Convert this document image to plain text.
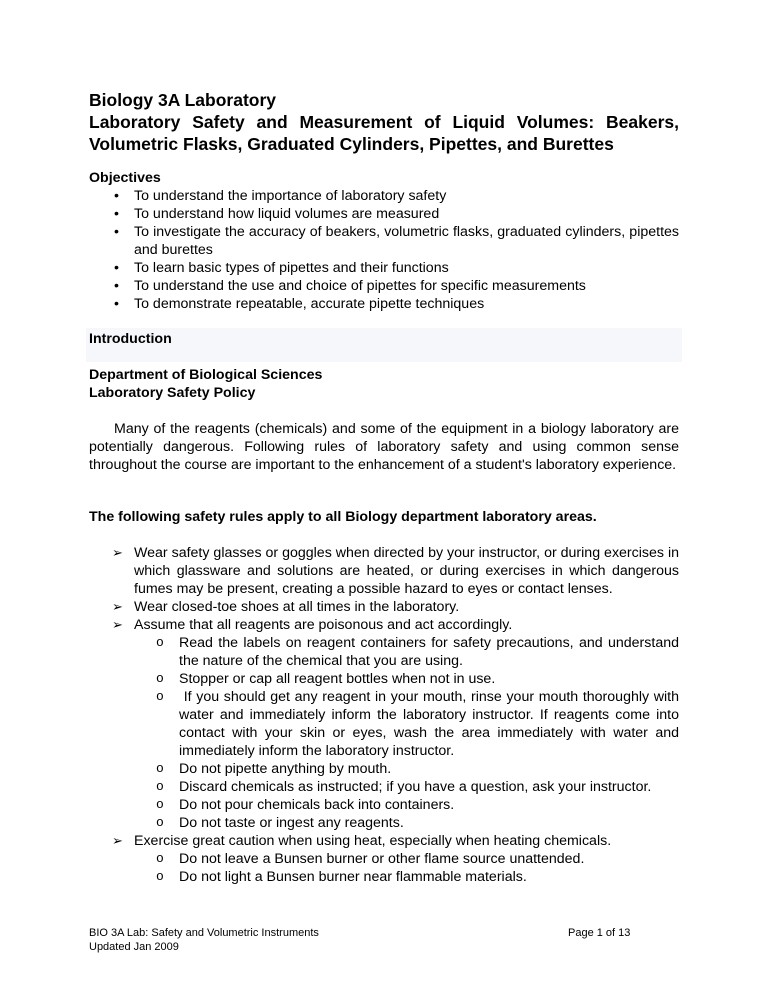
Biology 3A Laboratory
Laboratory Safety and Measurement of Liquid Volumes: Beakers, Volumetric Flasks, Graduated Cylinders, Pipettes, and Burettes
Objectives
• To understand the importance of laboratory safety
• To understand how liquid volumes are measured
• To investigate the accuracy of beakers, volumetric flasks, graduated cylinders, pipettes and burettes
• To learn basic types of pipettes and their functions
• To understand the use and choice of pipettes for specific measurements
• To demonstrate repeatable, accurate pipette techniques
Introduction
Department of Biological Sciences
Laboratory Safety Policy
Many of the reagents (chemicals) and some of the equipment in a biology laboratory are potentially dangerous. Following rules of laboratory safety and using common sense throughout the course are important to the enhancement of a student's laboratory experience.
The following safety rules apply to all Biology department laboratory areas.
➢ Wear safety glasses or goggles when directed by your instructor, or during exercises in which glassware and solutions are heated, or during exercises in which dangerous fumes may be present, creating a possible hazard to eyes or contact lenses.
➢ Wear closed-toe shoes at all times in the laboratory.
➢ Assume that all reagents are poisonous and act accordingly.
o Read the labels on reagent containers for safety precautions, and understand the nature of the chemical that you are using.
o Stopper or cap all reagent bottles when not in use.
o If you should get any reagent in your mouth, rinse your mouth thoroughly with water and immediately inform the laboratory instructor. If reagents come into contact with your skin or eyes, wash the area immediately with water and immediately inform the laboratory instructor.
o Do not pipette anything by mouth.
o Discard chemicals as instructed; if you have a question, ask your instructor.
o Do not pour chemicals back into containers.
o Do not taste or ingest any reagents.
➢ Exercise great caution when using heat, especially when heating chemicals.
o Do not leave a Bunsen burner or other flame source unattended.
o Do not light a Bunsen burner near flammable materials.
BIO 3A Lab: Safety and Volumetric Instruments
Updated Jan 2009
Page 1 of 13
